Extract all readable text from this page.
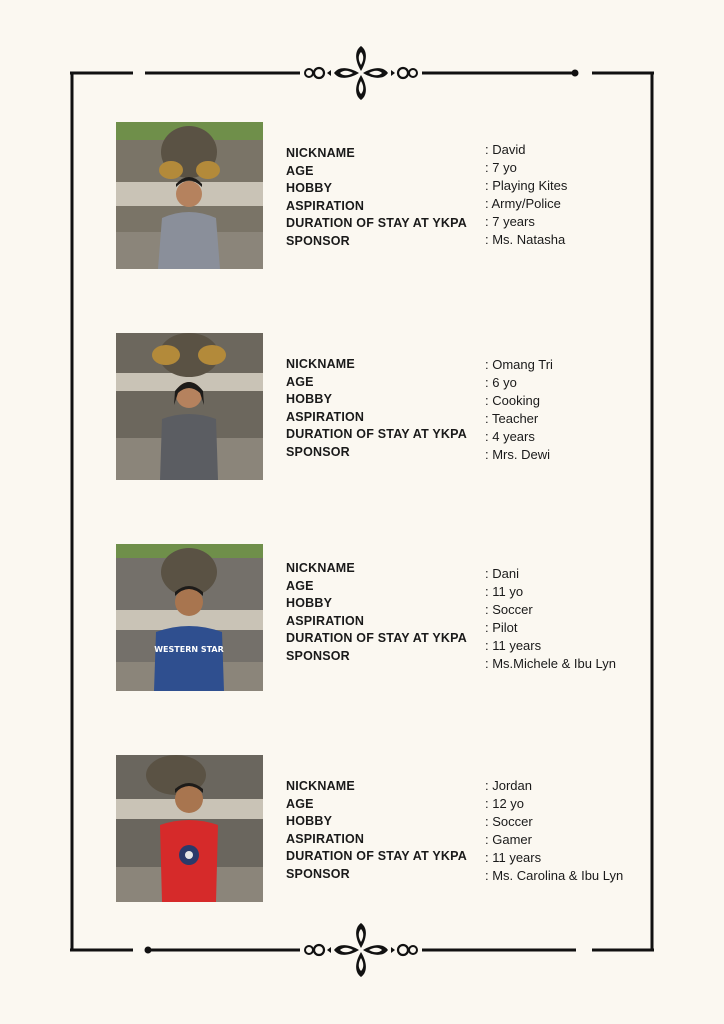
NICKNAME
AGE
HOBBY
ASPIRATION
DURATION OF STAY AT YKPA
SPONSOR
: David
: 7 yo
: Playing Kites
: Army/Police
: 7 years
: Ms. Natasha
NICKNAME
AGE
HOBBY
ASPIRATION
DURATION OF STAY AT YKPA
SPONSOR
: Omang Tri
: 6 yo
: Cooking
: Teacher
: 4 years
: Mrs. Dewi
WESTERN STAR
NICKNAME
AGE
HOBBY
ASPIRATION
DURATION OF STAY AT YKPA
SPONSOR
: Dani
: 11 yo
: Soccer
: Pilot
: 11 years
: Ms.Michele & Ibu Lyn
NICKNAME
AGE
HOBBY
ASPIRATION
DURATION OF STAY AT YKPA
SPONSOR
: Jordan
: 12 yo
: Soccer
: Gamer
: 11 years
: Ms. Carolina & Ibu Lyn
